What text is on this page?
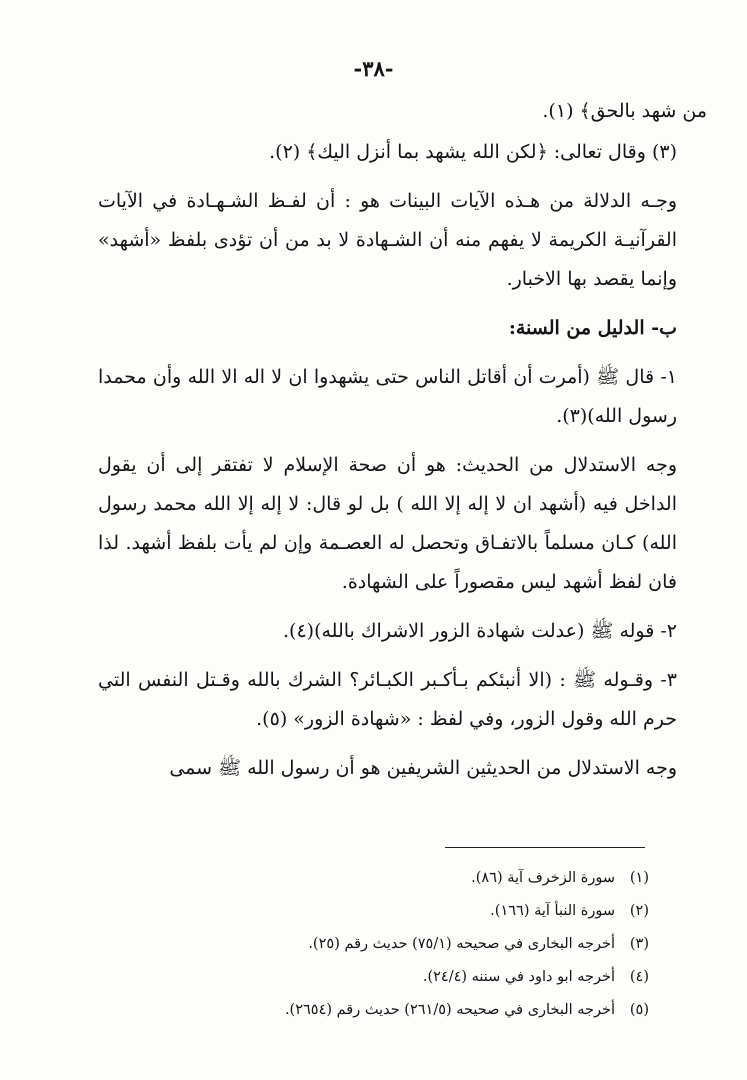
-٣٨-

من شهد بالحق﴾ (١).

(٣) وقال تعالى: ﴿لكن الله يشهد بما أنزل اليك﴾ (٢).

وجـه الدلالة من هـذه الآيات البينات هو : أن لفـظ الشـهـادة في الآيات القرآنيـة الكريمة لا يفهم منه أن الشـهادة لا بد من أن تؤدى بلفظ «أشهد» وإنما يقصد بها الاخبار.

ب- الدليل من السنة:

١- قال ﷺ (أمرت أن أقاتل الناس حتى يشهدوا ان لا اله الا الله وأن محمدا رسول الله)(٣).

وجه الاستدلال من الحديث: هو أن صحة الإسلام لا تفتقر إلى أن يقول الداخل فيه (أشهد ان لا إله إلا الله ) بل لو قال: لا إله إلا الله محمد رسول الله) كـان مسلماً بالاتفـاق وتحصل له العصـمة وإن لم يأت بلفظ أشهد. لذا فان لفظ أشهد ليس مقصوراً على الشهادة.

٢- قوله ﷺ (عدلت شهادة الزور الاشراك بالله)(٤).

٣- وقـوله ﷺ : (الا أنبئكم بـأكـبر الكبـائر؟ الشرك بالله وقـتل النفس التي حرم الله وقول الزور، وفي لفظ : «شهادة الزور» (٥).

وجه الاستدلال من الحديثين الشريفين هو أن رسول الله ﷺ سمى

(١)سورة الزخرف آية (٨٦).
(٢)سورة النبأ آية (١٦٦).
(٣)أخرجه البخارى في صحيحه (٧٥/١) حديث رقم (٢٥).
(٤)أخرجه ابو داود في سننه (٢٤/٤).
(٥)أخرجه البخارى في صحيحه (٢٦١/٥) حديث رقم (٢٦٥٤).
